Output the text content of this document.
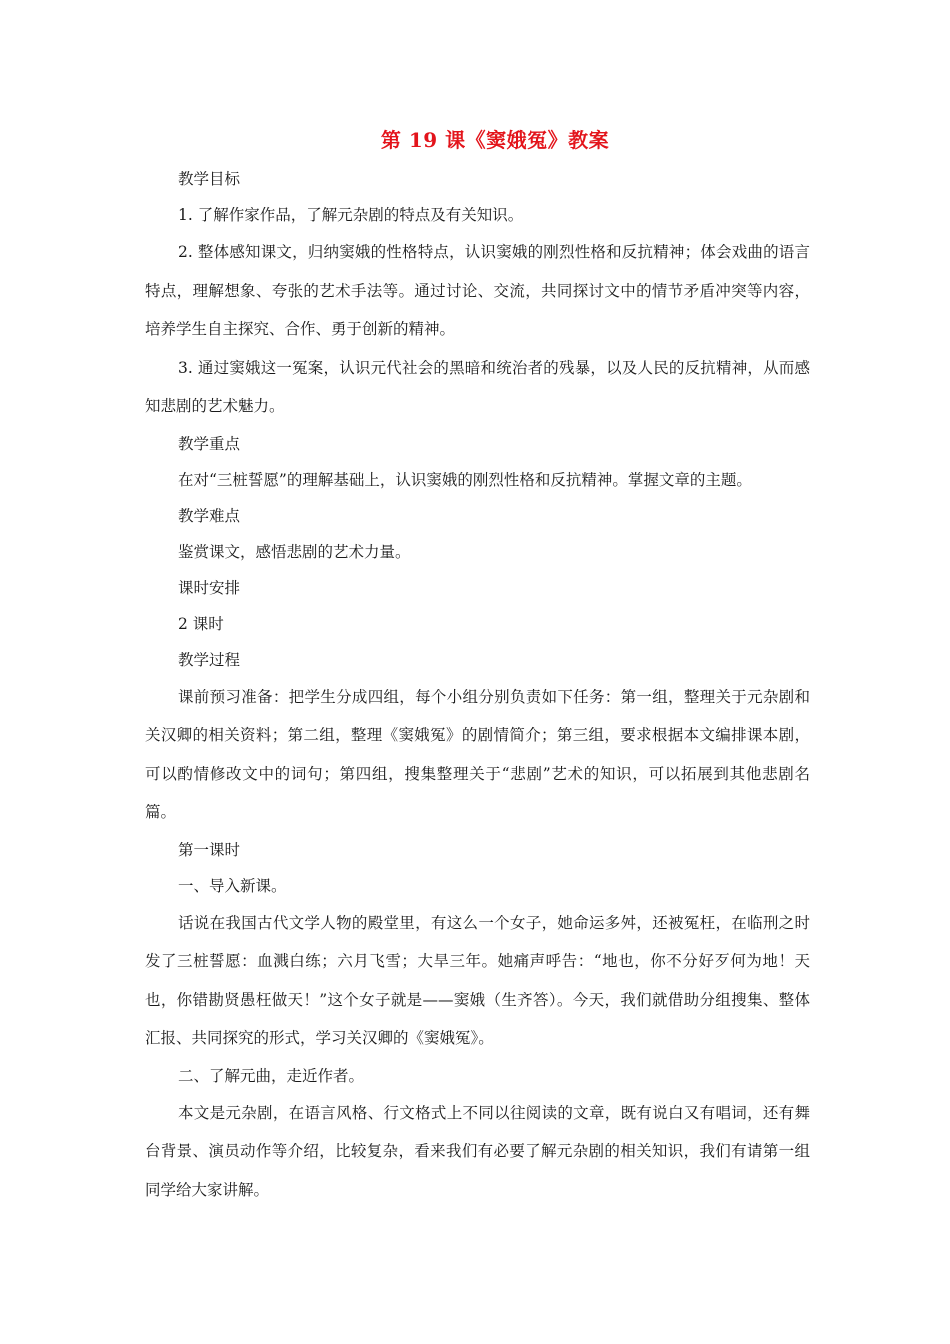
第 19 课《窦娥冤》教案

教学目标

1. 了解作家作品，了解元杂剧的特点及有关知识。

2. 整体感知课文，归纳窦娥的性格特点，认识窦娥的刚烈性格和反抗精神；体会戏曲的语言特点，理解想象、夸张的艺术手法等。通过讨论、交流，共同探讨文中的情节矛盾冲突等内容，培养学生自主探究、合作、勇于创新的精神。

3. 通过窦娥这一冤案，认识元代社会的黑暗和统治者的残暴，以及人民的反抗精神，从而感知悲剧的艺术魅力。

教学重点

在对“三桩誓愿”的理解基础上，认识窦娥的刚烈性格和反抗精神。掌握文章的主题。

教学难点

鉴赏课文，感悟悲剧的艺术力量。

课时安排

2 课时

教学过程

课前预习准备：把学生分成四组，每个小组分别负责如下任务：第一组，整理关于元杂剧和关汉卿的相关资料；第二组，整理《窦娥冤》的剧情简介；第三组，要求根据本文编排课本剧，可以酌情修改文中的词句；第四组，搜集整理关于“悲剧”艺术的知识，可以拓展到其他悲剧名篇。

第一课时

一、导入新课。

话说在我国古代文学人物的殿堂里，有这么一个女子，她命运多舛，还被冤枉，在临刑之时发了三桩誓愿：血溅白练；六月飞雪；大旱三年。她痛声呼告：“地也，你不分好歹何为地！天也，你错勘贤愚枉做天！”这个女子就是——窦娥（生齐答）。今天，我们就借助分组搜集、整体汇报、共同探究的形式，学习关汉卿的《窦娥冤》。

二、了解元曲，走近作者。

本文是元杂剧，在语言风格、行文格式上不同以往阅读的文章，既有说白又有唱词，还有舞台背景、演员动作等介绍，比较复杂，看来我们有必要了解元杂剧的相关知识，我们有请第一组同学给大家讲解。
